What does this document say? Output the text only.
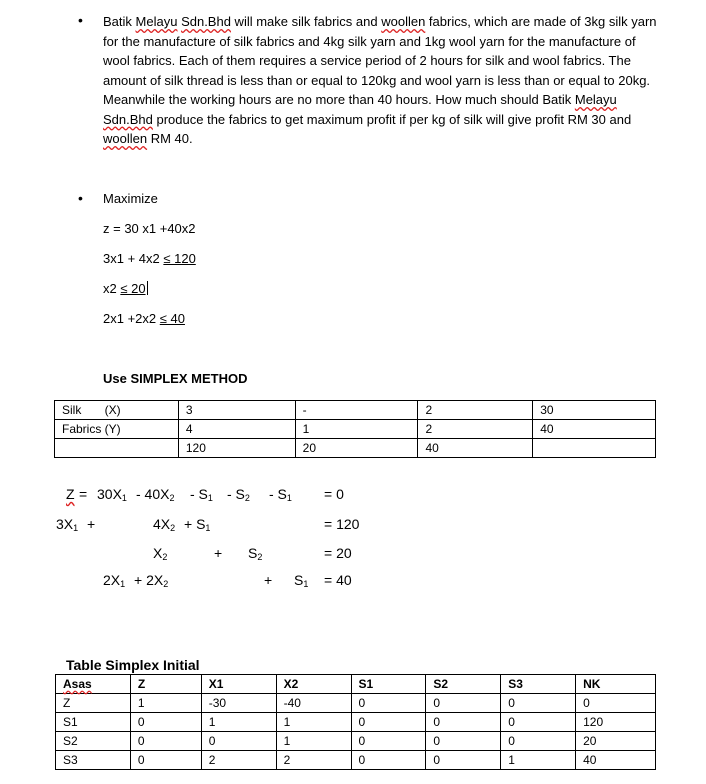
• Batik Melayu Sdn.Bhd will make silk fabrics and woollen fabrics, which are made of 3kg silk yarn for the manufacture of silk fabrics and 4kg silk yarn and 1kg wool yarn for the manufacture of wool fabrics. Each of them requires a service period of 2 hours for silk and wool fabrics. The amount of silk thread is less than or equal to 120kg and wool yarn is less than or equal to 20kg. Meanwhile the working hours are no more than 40 hours. How much should Batik Melayu Sdn.Bhd produce the fabrics to get maximum profit if per kg of silk will give profit RM 30 and woollen RM 40.
• Maximize
z = 30 x1 +40x2
3x1 + 4x2 ≤ 120
x2 ≤ 20
2x1 +2x2 ≤ 40
Use SIMPLEX METHOD
Silk       (X)	3	-	2	30
Fabrics (Y)	4	1	2	40
	120	20	40	
$Z = 30X_1 - 40X_2 - S_1 - S_2 - S_1 = 0$
$3X_1$ +	$4X_2 + S_1$	= 120
$X_2$	+ $S_2$	= 20
$2X_1 + 2X_2$	+ $S_1 = 40$
Table Simplex Initial
Asas	Z	X1	X2	S1	S2	S3	NK
Z	1	-30	-40	0	0	0	0
S1	0	1	1	0	0	0	120
S2	0	0	1	0	0	0	20
S3	0	2	2	0	0	1	40
